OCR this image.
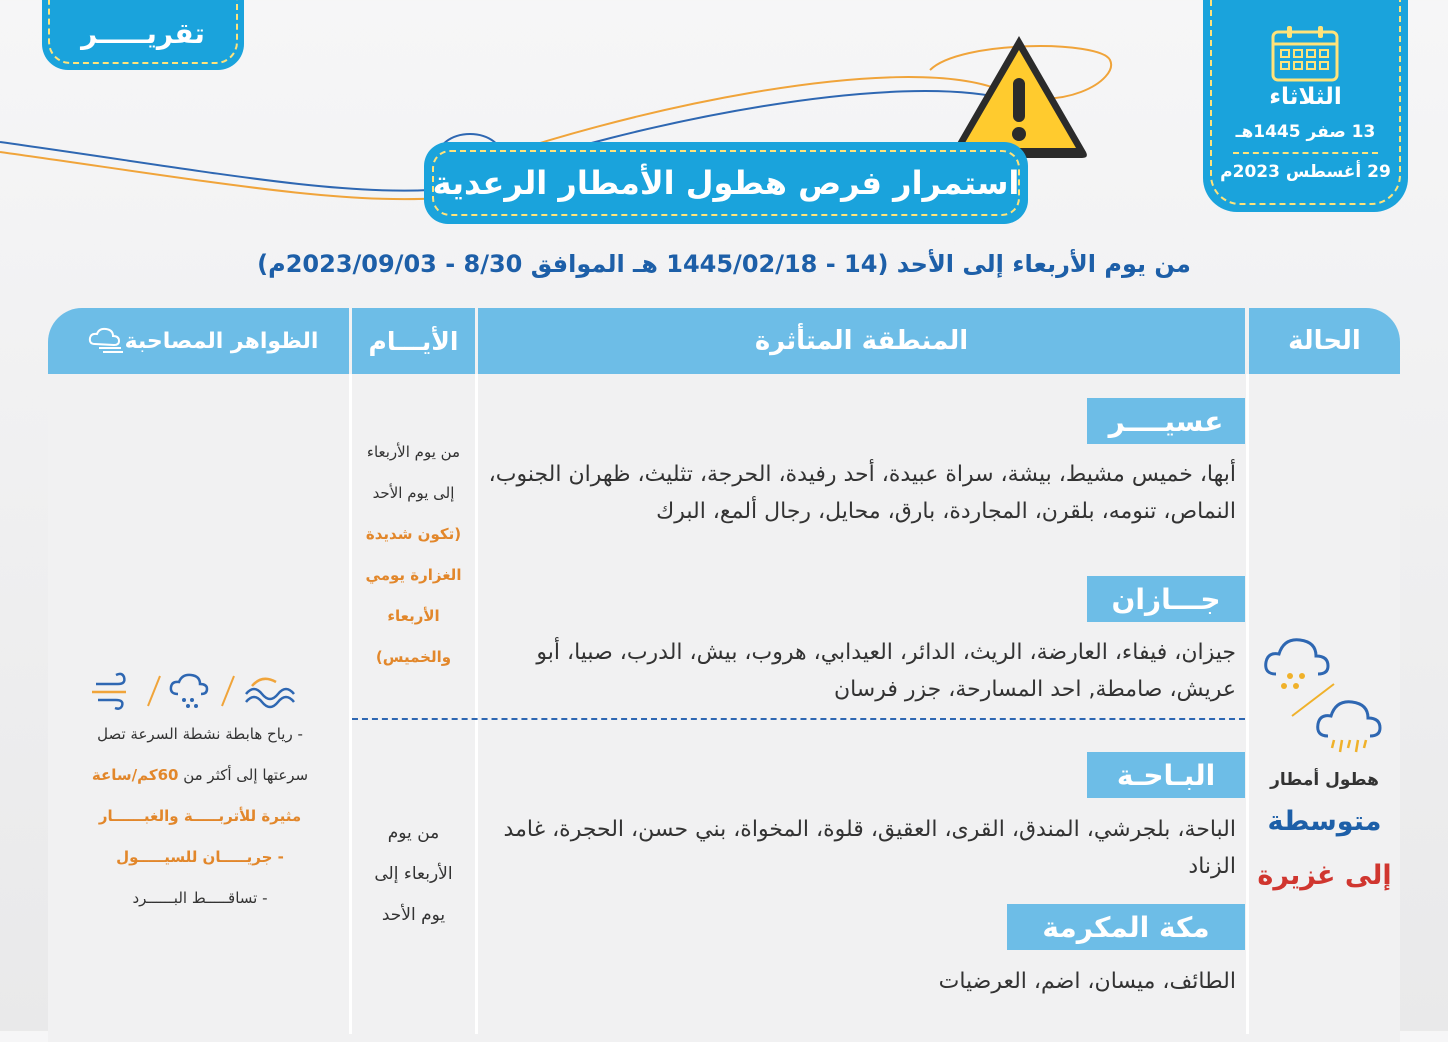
تقريـــــر
الثلاثاء
13 صفر 1445هـ
29 أغسطس 2023م
استمرار فرص هطول الأمطار الرعدية
من يوم الأربعاء إلى الأحد (14 - 1445/02/18 هـ الموافق 8/30 - 2023/09/03م)
الحالة
المنطقة المتأثرة
الأيـــام
الظواهر المصاحبة
عسيــــر
أبها، خميس مشيط، بيشة، سراة عبيدة، أحد رفيدة، الحرجة، تثليث، ظهران الجنوب، النماص، تنومه، بلقرن، المجاردة، بارق، محايل، رجال ألمع، البرك
جـــازان
جيزان، فيفاء، العارضة، الريث، الدائر، العيدابي، هروب، بيش، الدرب، صبيا، أبو عريش، صامطة, احد المسارحة، جزر فرسان
البـاحـة
الباحة، بلجرشي، المندق، القرى، العقيق، قلوة، المخواة، بني حسن، الحجرة، غامد الزناد
مكة المكرمة
الطائف، ميسان، اضم، العرضيات
من يوم الأربعاء
إلى يوم الأحد
(تكون شديدة
الغزارة يومي
الأربعاء
والخميس)
من يوم
الأربعاء إلى
يوم الأحد
- رياح هابطة نشطة السرعة تصل
سرعتها إلى أكثر من 60كم/ساعة
مثيرة للأتربـــــة والغبــــــار
- جريـــــان للسيـــــول
- تساقـــــط البــــــرد
هطول أمطار
متوسطة
إلى غزيرة
